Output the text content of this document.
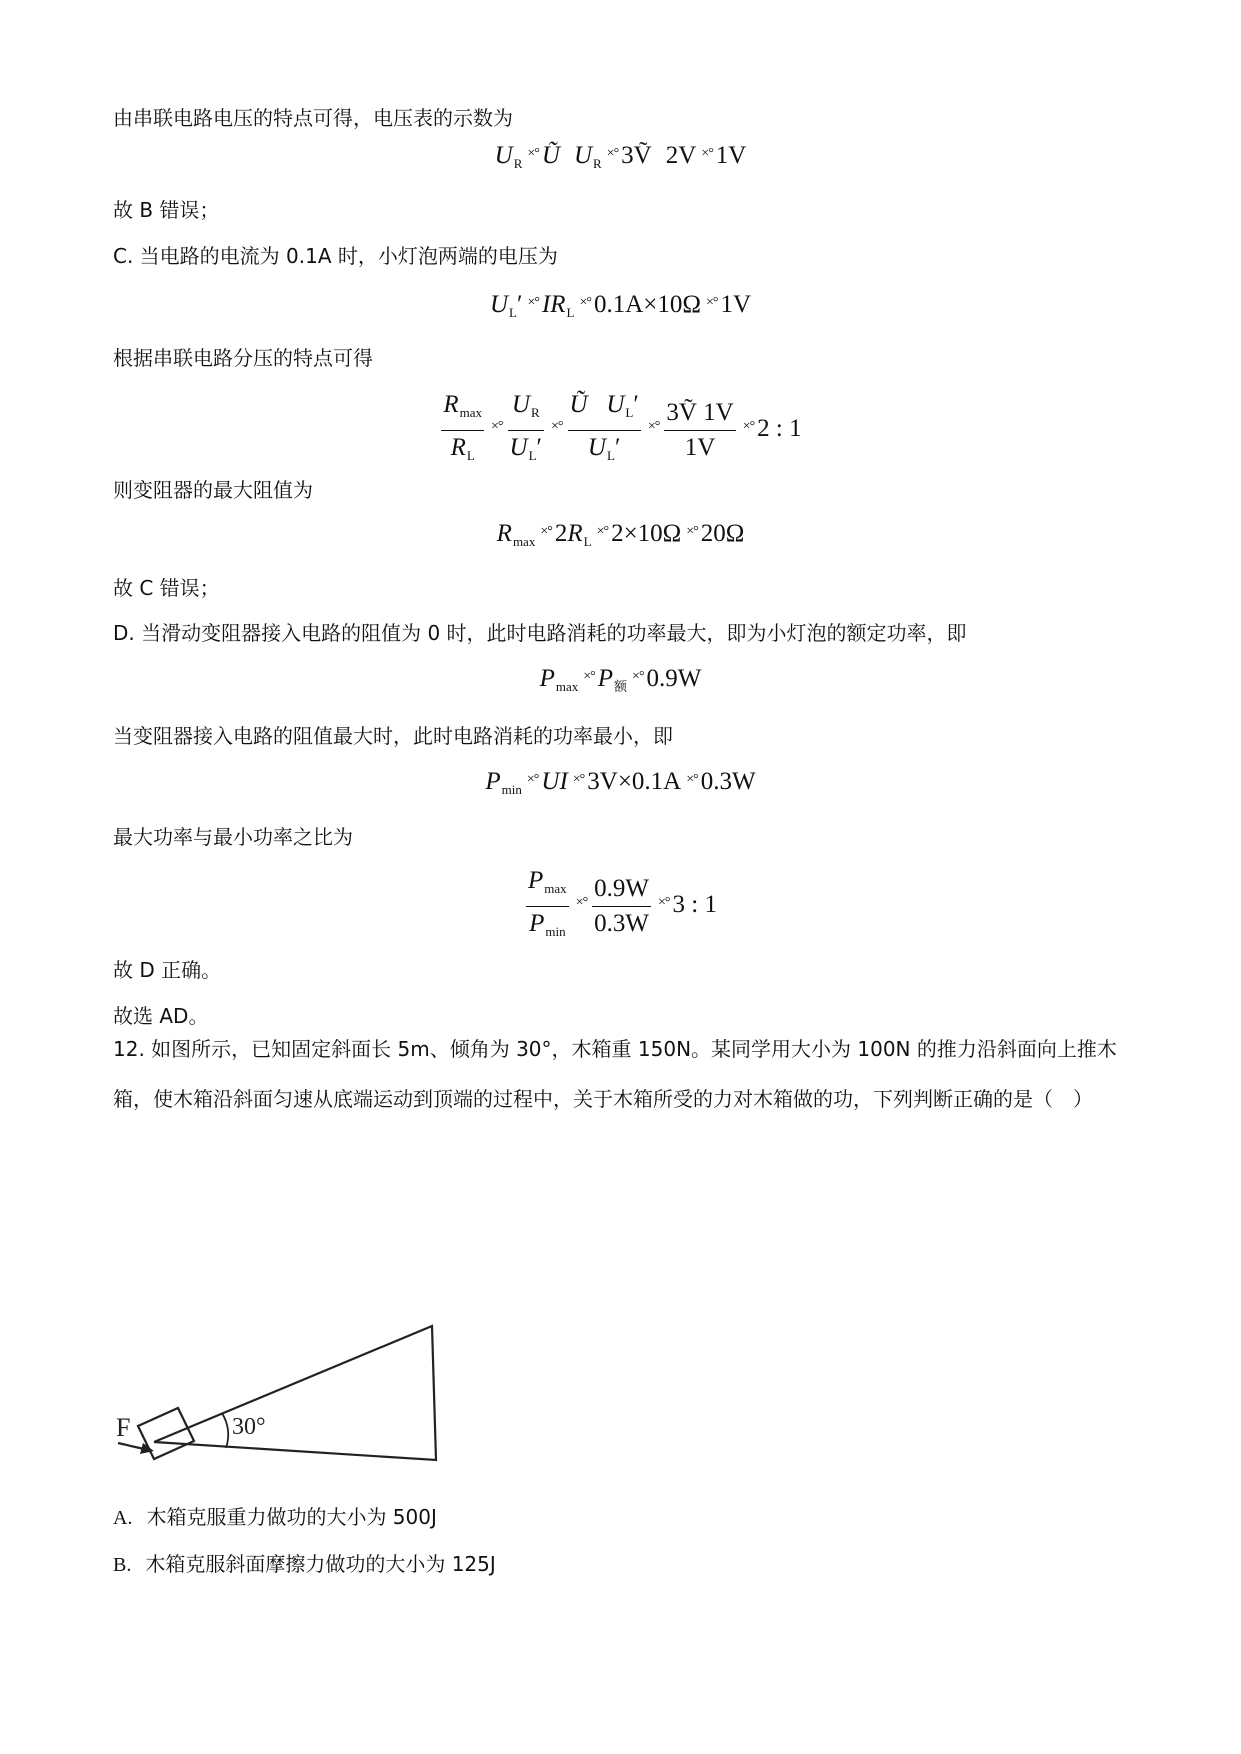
由串联电路电压的特点可得，电压表的示数为
$U_R^{\times^\circ}$ Ũ $U_R^{\times^\circ}$ 3Ṽ 2V ×° 1V
故 B 错误；
C. 当电路的电流为 0.1A 时，小灯泡两端的电压为
$U_L'$ ×° $IR_L^{\times^\circ}$ 0.1A×10Ω ×° 1V
根据串联电路分压的特点可得
$\frac{R_{max}}{R_L} ^{\times^\circ} \frac{U_R}{U_L'} ^{\times^\circ} \frac{Ũ U_L'}{U_L'} ^{\times^\circ} \frac{\text{3Ṽ 1V}}{1V} ^{\times^\circ}$ 2 : 1
则变阻器的最大阻值为
$R_{max}^{\times^\circ}$ $2R_L^{\times^\circ}$ 2×10Ω ×° 20Ω
故 C 错误；
D. 当滑动变阻器接入电路的阻值为 0 时，此时电路消耗的功率最大，即为小灯泡的额定功率，即
$P_{max}^{\times^\circ}$ $P_额^{\times^\circ}$ 0.9W
当变阻器接入电路的阻值最大时，此时电路消耗的功率最小，即
$P_{min}^{\times^\circ}$ UI ×° 3V×0.1A ×° 0.3W
最大功率与最小功率之比为
$\frac{P_{max}}{P_{min}} ^{\times^\circ} \frac{0.9W}{0.3W} ^{\times^\circ}$ 3 : 1
故 D 正确。
故选 AD。
12. 如图所示，已知固定斜面长 5m、倾角为 30°，木箱重 150N。某同学用大小为 100N 的推力沿斜面向上推木箱，使木箱沿斜面匀速从底端运动到顶端的过程中，关于木箱所受的力对木箱做的功，下列判断正确的是（　）
F	30°
A. 木箱克服重力做功的大小为 500J
B. 木箱克服斜面摩擦力做功的大小为 125J
